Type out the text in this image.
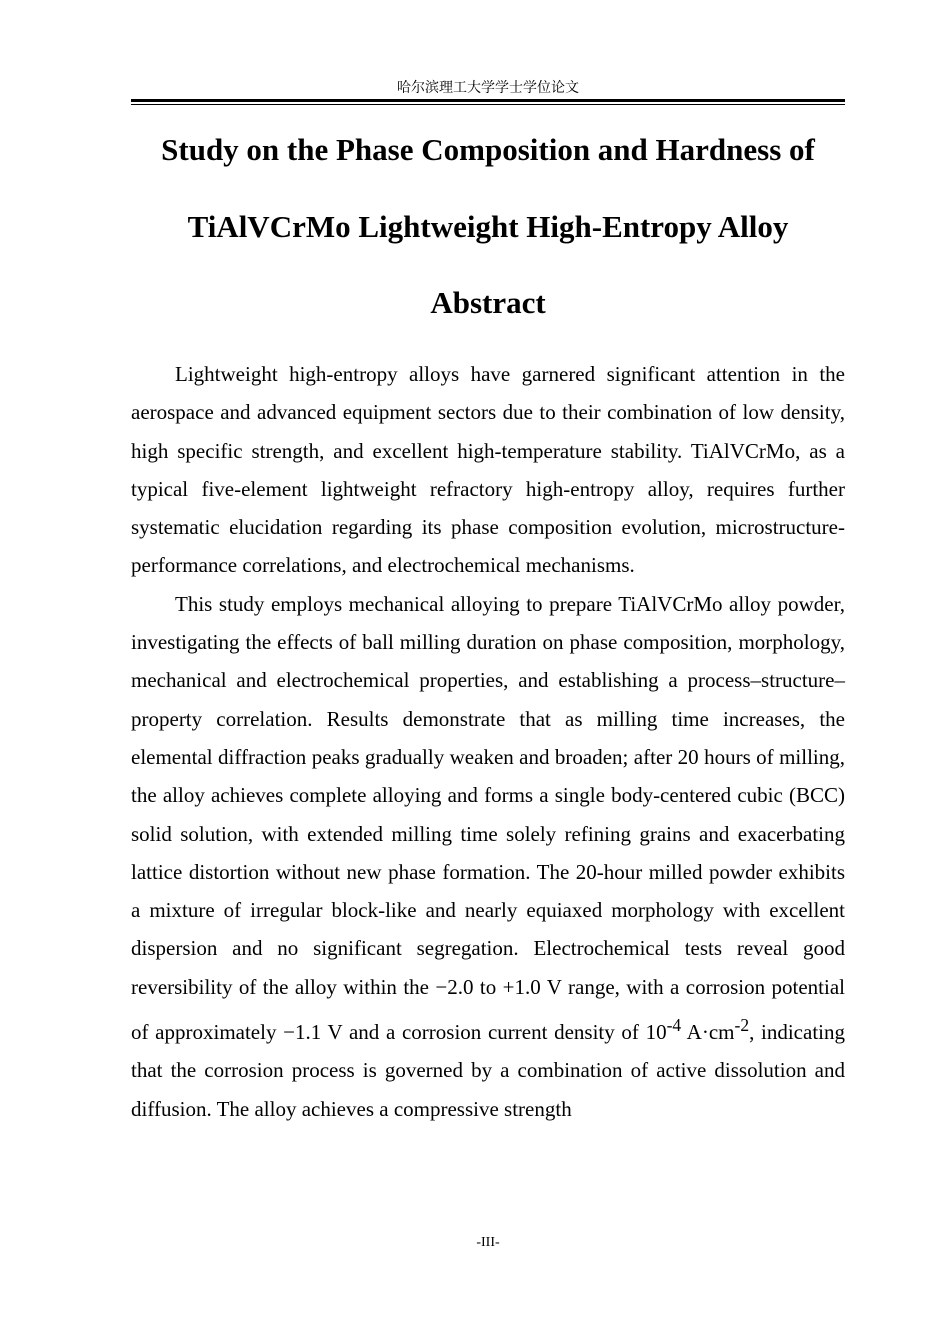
哈尔滨理工大学学士学位论文
Study on the Phase Composition and Hardness of
TiAlVCrMo Lightweight High-Entropy Alloy
Abstract

Lightweight high-entropy alloys have garnered significant attention in the aerospace and advanced equipment sectors due to their combination of low density, high specific strength, and excellent high-temperature stability. TiAlVCrMo, as a typical five-element lightweight refractory high-entropy alloy, requires further systematic elucidation regarding its phase composition evolution, microstructure-performance correlations, and electrochemical mechanisms.

This study employs mechanical alloying to prepare TiAlVCrMo alloy powder, investigating the effects of ball milling duration on phase composition, morphology, mechanical and electrochemical properties, and establishing a process–structure–property correlation. Results demonstrate that as milling time increases, the elemental diffraction peaks gradually weaken and broaden; after 20 hours of milling, the alloy achieves complete alloying and forms a single body-centered cubic (BCC) solid solution, with extended milling time solely refining grains and exacerbating lattice distortion without new phase formation. The 20-hour milled powder exhibits a mixture of irregular block-like and nearly equiaxed morphology with excellent dispersion and no significant segregation. Electrochemical tests reveal good reversibility of the alloy within the −2.0 to +1.0 V range, with a corrosion potential of approximately −1.1 V and a corrosion current density of $10^{-4}$ $A\cdot cm^{-2}$, indicating that the corrosion process is governed by a combination of active dissolution and diffusion. The alloy achieves a compressive strength

-III-
